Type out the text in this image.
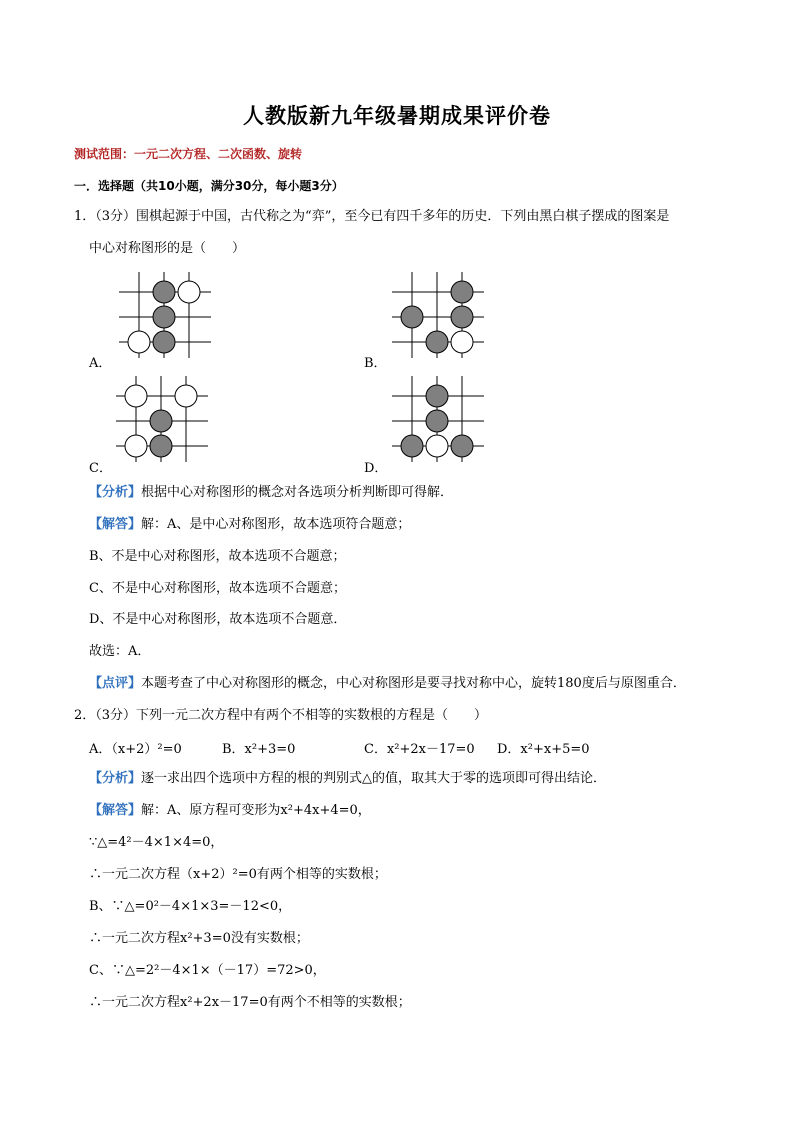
人教版新九年级暑期成果评价卷
测试范围：一元二次方程、二次函数、旋转
一．选择题（共10小题，满分30分，每小题3分）
1．（3分）围棋起源于中国，古代称之为“弈”，至今已有四千多年的历史．下列由黑白棋子摆成的图案是
中心对称图形的是（　　）
A．	B．
C．	D．
【分析】根据中心对称图形的概念对各选项分析判断即可得解．
【解答】解：A、是中心对称图形，故本选项符合题意；
B、不是中心对称图形，故本选项不合题意；
C、不是中心对称图形，故本选项不合题意；
D、不是中心对称图形，故本选项不合题意．
故选：A．
【点评】本题考查了中心对称图形的概念，中心对称图形是要寻找对称中心，旋转180度后与原图重合．
2．（3分）下列一元二次方程中有两个不相等的实数根的方程是（　　）
A．（x+2）²=0	B．x²+3=0	C．x²+2x－17=0 D．x²+x+5=0
【分析】逐一求出四个选项中方程的根的判别式△的值，取其大于零的选项即可得出结论．
【解答】解：A、原方程可变形为x²+4x+4=0，
∵△=4²－4×1×4=0，
∴一元二次方程（x+2）²=0有两个相等的实数根；
B、∵△=0²－4×1×3=－12<0，
∴一元二次方程x²+3=0没有实数根；
C、∵△=2²－4×1×（－17）=72>0，
∴一元二次方程x²+2x－17=0有两个不相等的实数根；
